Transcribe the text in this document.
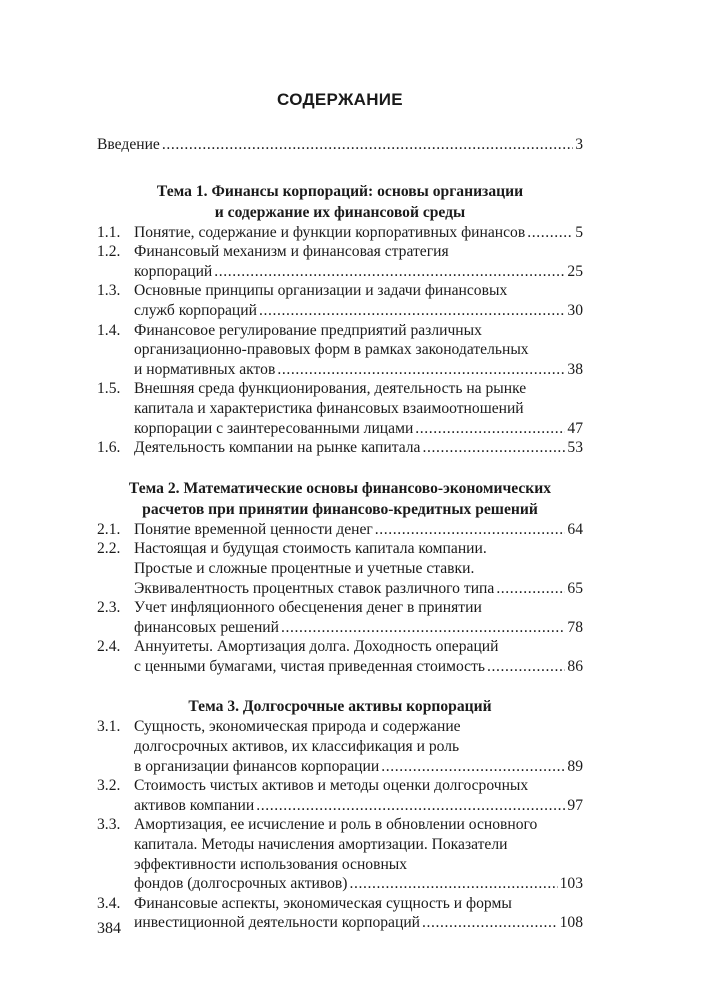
СОДЕРЖАНИЕ
Введение .....	3
Тема 1. Финансы корпораций: основы организации
и содержание их финансовой среды
1.1. Понятие, содержание и функции корпоративных финансов .....	5
1.2. Финансовый механизм и финансовая стратегия
корпораций .....	25
1.3. Основные принципы организации и задачи финансовых
служб корпораций .....	30
1.4. Финансовое регулирование предприятий различных
организационно-правовых форм в рамках законодательных
и нормативных актов .....	38
1.5. Внешняя среда функционирования, деятельность на рынке
капитала и характеристика финансовых взаимоотношений
корпорации с заинтересованными лицами .....	47
1.6. Деятельность компании на рынке капитала .....	53
Тема 2. Математические основы финансово-экономических
расчетов при принятии финансово-кредитных решений
2.1. Понятие временной ценности денег .....	64
2.2. Настоящая и будущая стоимость капитала компании.
Простые и сложные процентные и учетные ставки.
Эквивалентность процентных ставок различного типа .....	65
2.3. Учет инфляционного обесценения денег в принятии
финансовых решений .....	78
2.4. Аннуитеты. Амортизация долга. Доходность операций
с ценными бумагами, чистая приведенная стоимость .....	86
Тема 3. Долгосрочные активы корпораций
3.1. Сущность, экономическая природа и содержание
долгосрочных активов, их классификация и роль
в организации финансов корпорации .....	89
3.2. Стоимость чистых активов и методы оценки долгосрочных
активов компании .....	97
3.3. Амортизация, ее исчисление и роль в обновлении основного
капитала. Методы начисления амортизации. Показатели
эффективности использования основных
фондов (долгосрочных активов) .....	103
3.4. Финансовые аспекты, экономическая сущность и формы
инвестиционной деятельности корпораций .....	108
384
